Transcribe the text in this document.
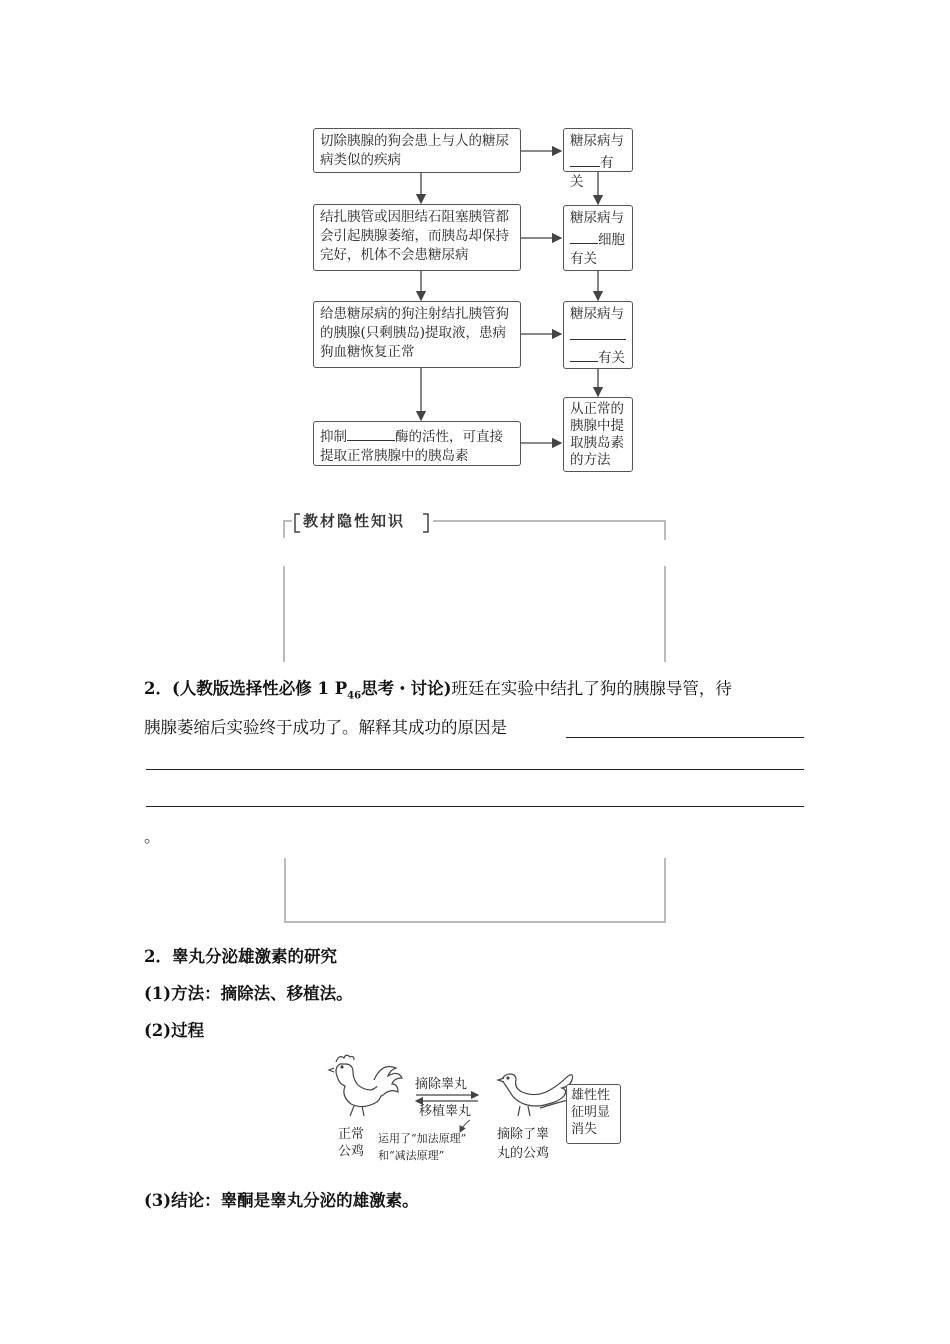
切除胰腺的狗会患上与人的糖尿病类似的疾病
结扎胰管或因胆结石阻塞胰管都会引起胰腺萎缩，而胰岛却保持完好，机体不会患糖尿病
给患糖尿病的狗注射结扎胰管狗的胰腺(只剩胰岛)提取液，患病狗血糖恢复正常
抑制	酶的活性，可直接提取正常胰腺中的胰岛素
糖尿病与
有关
糖尿病与
细胞
有关
糖尿病与
有关
从正常的胰腺中提取胰岛素的方法
教材隐性知识
2．(人教版选择性必修 1 $P_{46}$思考・讨论)班廷在实验中结扎了狗的胰腺导管，待
胰腺萎缩后实验终于成功了。解释其成功的原因是
。
2．睾丸分泌雄激素的研究
(1)方法：摘除法、移植法。
(2)过程
摘除睾丸
移植睾丸
正常
公鸡
运用了“加法原理”
和“减法原理”
摘除了睾
丸的公鸡
雄性性征明显消失
(3)结论：睾酮是睾丸分泌的雄激素。
